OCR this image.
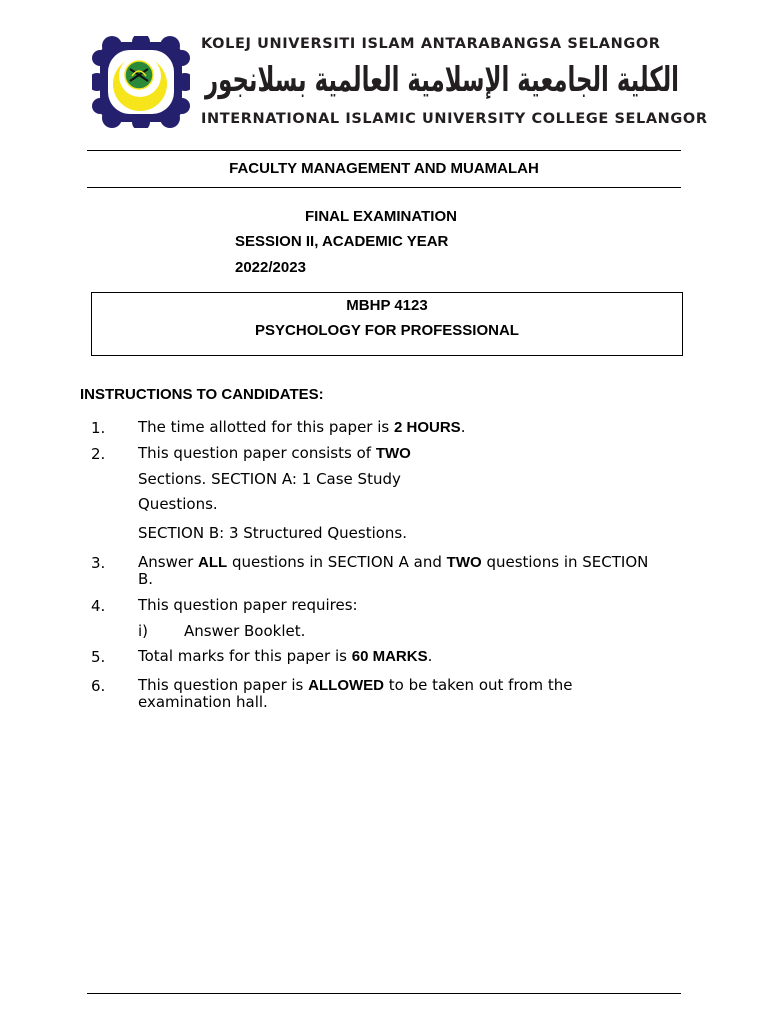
KOLEJ UNIVERSITI ISLAM ANTARABANGSA SELANGOR
الكلية الجامعية الإسلامية العالمية بسلانجور
INTERNATIONAL ISLAMIC UNIVERSITY COLLEGE SELANGOR
FACULTY MANAGEMENT AND MUAMALAH
FINAL EXAMINATION
SESSION II, ACADEMIC YEAR
2022/2023
MBHP 4123
PSYCHOLOGY FOR PROFESSIONAL
INSTRUCTIONS TO CANDIDATES:
1. The time allotted for this paper is 2 HOURS.
2. This question paper consists of TWO
Sections. SECTION A: 1 Case Study
Questions.
SECTION B: 3 Structured Questions.
3. Answer ALL questions in SECTION A and TWO questions in SECTION
B.
4. This question paper requires:
i) Answer Booklet.
5. Total marks for this paper is 60 MARKS.
6. This question paper is ALLOWED to be taken out from the
examination hall.
